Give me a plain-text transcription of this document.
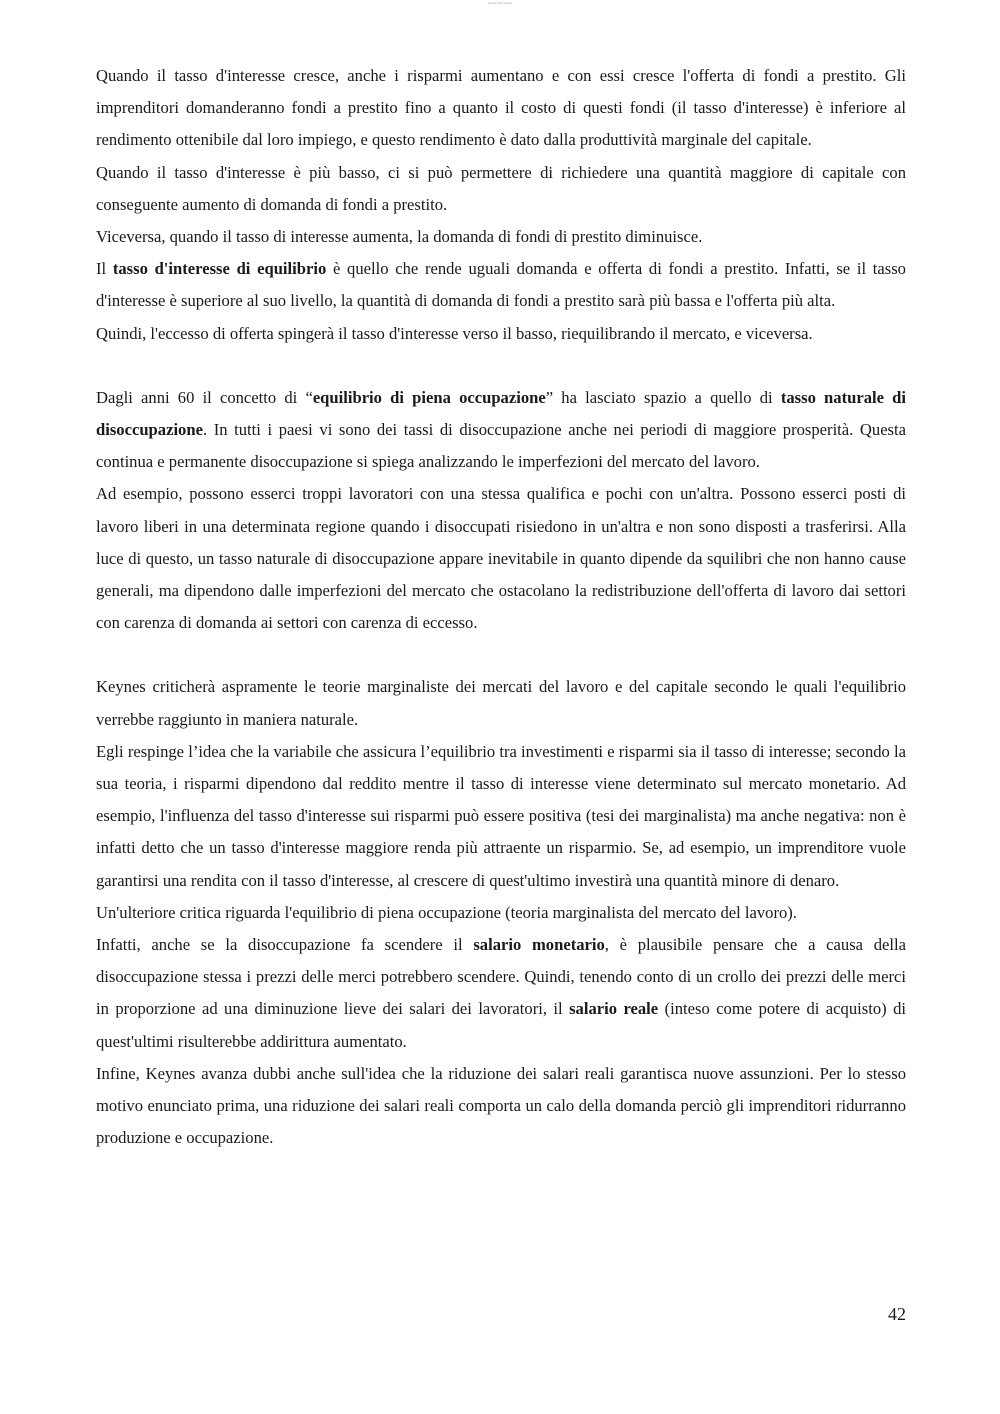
Scuola di Economia

Quando il tasso d'interesse cresce, anche i risparmi aumentano e con essi cresce l'offerta di fondi a prestito. Gli imprenditori domanderanno fondi a prestito fino a quanto il costo di questi fondi (il tasso d'interesse) è inferiore al rendimento ottenibile dal loro impiego, e questo rendimento è dato dalla produttività marginale del capitale.

Quando il tasso d'interesse è più basso, ci si può permettere di richiedere una quantità maggiore di capitale con conseguente aumento di domanda di fondi a prestito.

Viceversa, quando il tasso di interesse aumenta, la domanda di fondi di prestito diminuisce.

Il tasso d'interesse di equilibrio è quello che rende uguali domanda e offerta di fondi a prestito. Infatti, se il tasso d'interesse è superiore al suo livello, la quantità di domanda di fondi a prestito sarà più bassa e l'offerta più alta.

Quindi, l'eccesso di offerta spingerà il tasso d'interesse verso il basso, riequilibrando il mercato, e viceversa.

Dagli anni 60 il concetto di “equilibrio di piena occupazione” ha lasciato spazio a quello di tasso naturale di disoccupazione. In tutti i paesi vi sono dei tassi di disoccupazione anche nei periodi di maggiore prosperità. Questa continua e permanente disoccupazione si spiega analizzando le imperfezioni del mercato del lavoro.

Ad esempio, possono esserci troppi lavoratori con una stessa qualifica e pochi con un'altra. Possono esserci posti di lavoro liberi in una determinata regione quando i disoccupati risiedono in un'altra e non sono disposti a trasferirsi. Alla luce di questo, un tasso naturale di disoccupazione appare inevitabile in quanto dipende da squilibri che non hanno cause generali, ma dipendono dalle imperfezioni del mercato che ostacolano la redistribuzione dell'offerta di lavoro dai settori con carenza di domanda ai settori con carenza di eccesso.

Keynes criticherà aspramente le teorie marginaliste dei mercati del lavoro e del capitale secondo le quali l'equilibrio verrebbe raggiunto in maniera naturale.

Egli respinge l’idea che la variabile che assicura l’equilibrio tra investimenti e risparmi sia il tasso di interesse; secondo la sua teoria, i risparmi dipendono dal reddito mentre il tasso di interesse viene determinato sul mercato monetario. Ad esempio, l'influenza del tasso d'interesse sui risparmi può essere positiva (tesi dei marginalista) ma anche negativa: non è infatti detto che un tasso d'interesse maggiore renda più attraente un risparmio. Se, ad esempio, un imprenditore vuole garantirsi una rendita con il tasso d'interesse, al crescere di quest'ultimo investirà una quantità minore di denaro.

Un'ulteriore critica riguarda l'equilibrio di piena occupazione (teoria marginalista del mercato del lavoro).

Infatti, anche se la disoccupazione fa scendere il salario monetario, è plausibile pensare che a causa della disoccupazione stessa i prezzi delle merci potrebbero scendere. Quindi, tenendo conto di un crollo dei prezzi delle merci in proporzione ad una diminuzione lieve dei salari dei lavoratori, il salario reale (inteso come potere di acquisto) di quest'ultimi risulterebbe addirittura aumentato.

Infine, Keynes avanza dubbi anche sull'idea che la riduzione dei salari reali garantisca nuove assunzioni. Per lo stesso motivo enunciato prima, una riduzione dei salari reali comporta un calo della domanda perciò gli imprenditori ridurranno produzione e occupazione.

42
